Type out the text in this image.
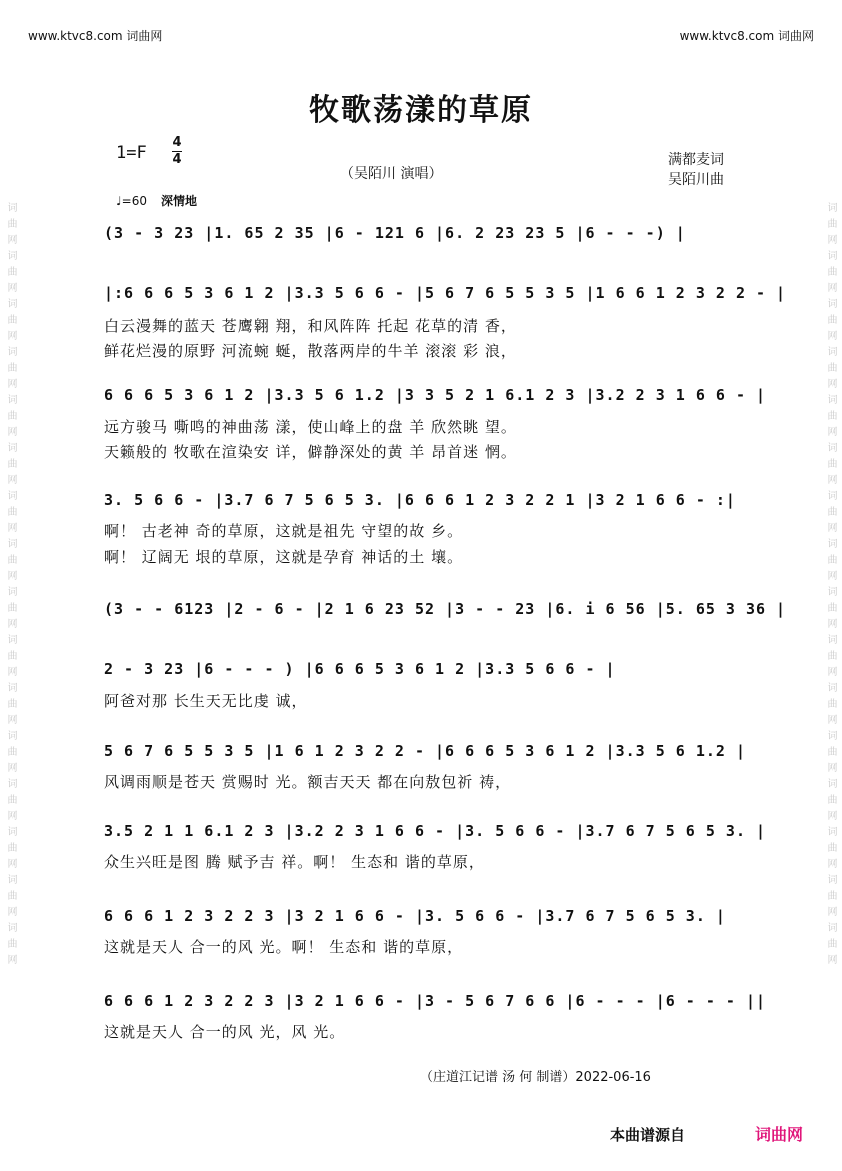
词曲网词曲网词曲网词曲网词曲网词曲网词曲网词曲网词曲网词曲网词曲网词曲网词曲网词曲网词曲网词曲网	词曲网词曲网词曲网词曲网词曲网词曲网词曲网词曲网词曲网词曲网词曲网词曲网词曲网词曲网词曲网词曲网
www.ktvc8.com 词曲网	www.ktvc8.com 词曲网
牧歌荡漾的草原
1=F
4
4
（吴陌川 演唱）
满都麦词
吴陌川曲
♩=60 深情地
(3 - 3 23 |1. 65 2 35 |6 - 121 6 |6. 2 23 23 5 |6 - - -) |
|:6 6 6 5 3 6 1 2 |3.3 5 6 6 - |5 6 7 6 5 5 3 5 |1 6 6 1 2 3 2 2 - |
6 6 6 5 3 6 1 2 |3.3 5 6 1.2 |3 3 5 2 1 6.1 2 3 |3.2 2 3 1 6 6 - |
3. 5 6 6 - |3.7 6 7 5 6 5 3. |6 6 6 1 2 3 2 2 1 |3 2 1 6 6 - :|
(3 - - 6123 |2 - 6 - |2 1 6 23 52 |3 - - 23 |6. i 6 56 |5. 65 3 36 |
2 - 3 23 |6 - - - ) |6 6 6 5 3 6 1 2 |3.3 5 6 6 - |
5 6 7 6 5 5 3 5 |1 6 1 2 3 2 2 - |6 6 6 5 3 6 1 2 |3.3 5 6 1.2 |
3.5 2 1 1 6.1 2 3 |3.2 2 3 1 6 6 - |3. 5 6 6 - |3.7 6 7 5 6 5 3. |
6 6 6 1 2 3 2 2 3 |3 2 1 6 6 - |3. 5 6 6 - |3.7 6 7 5 6 5 3. |
6 6 6 1 2 3 2 2 3 |3 2 1 6 6 - |3 - 5 6 7 6 6 |6 - - - |6 - - - ||
白云漫舞的蓝天 苍鹰翱 翔，和风阵阵 托起 花草的清 香，
鲜花烂漫的原野 河流蜿 蜒，散落两岸的牛羊 滚滚 彩 浪，
远方骏马 嘶鸣的神曲荡 漾，使山峰上的盘 羊 欣然眺 望。
天籁般的 牧歌在渲染安 详，僻静深处的黄 羊 昂首迷 惘。
啊！ 古老神 奇的草原，这就是祖先 守望的故 乡。
啊！ 辽阔无 垠的草原，这就是孕育 神话的土 壤。
阿爸对那 长生天无比虔 诚，
风调雨顺是苍天 赏赐时 光。额吉天天 都在向敖包祈 祷，
众生兴旺是图 腾 赋予吉 祥。啊！ 生态和 谐的草原，
这就是天人 合一的风 光。啊！ 生态和 谐的草原，
这就是天人 合一的风 光，风 光。
（庄道江记谱 汤 何 制谱）2022-06-16
本曲谱源自	词曲网
